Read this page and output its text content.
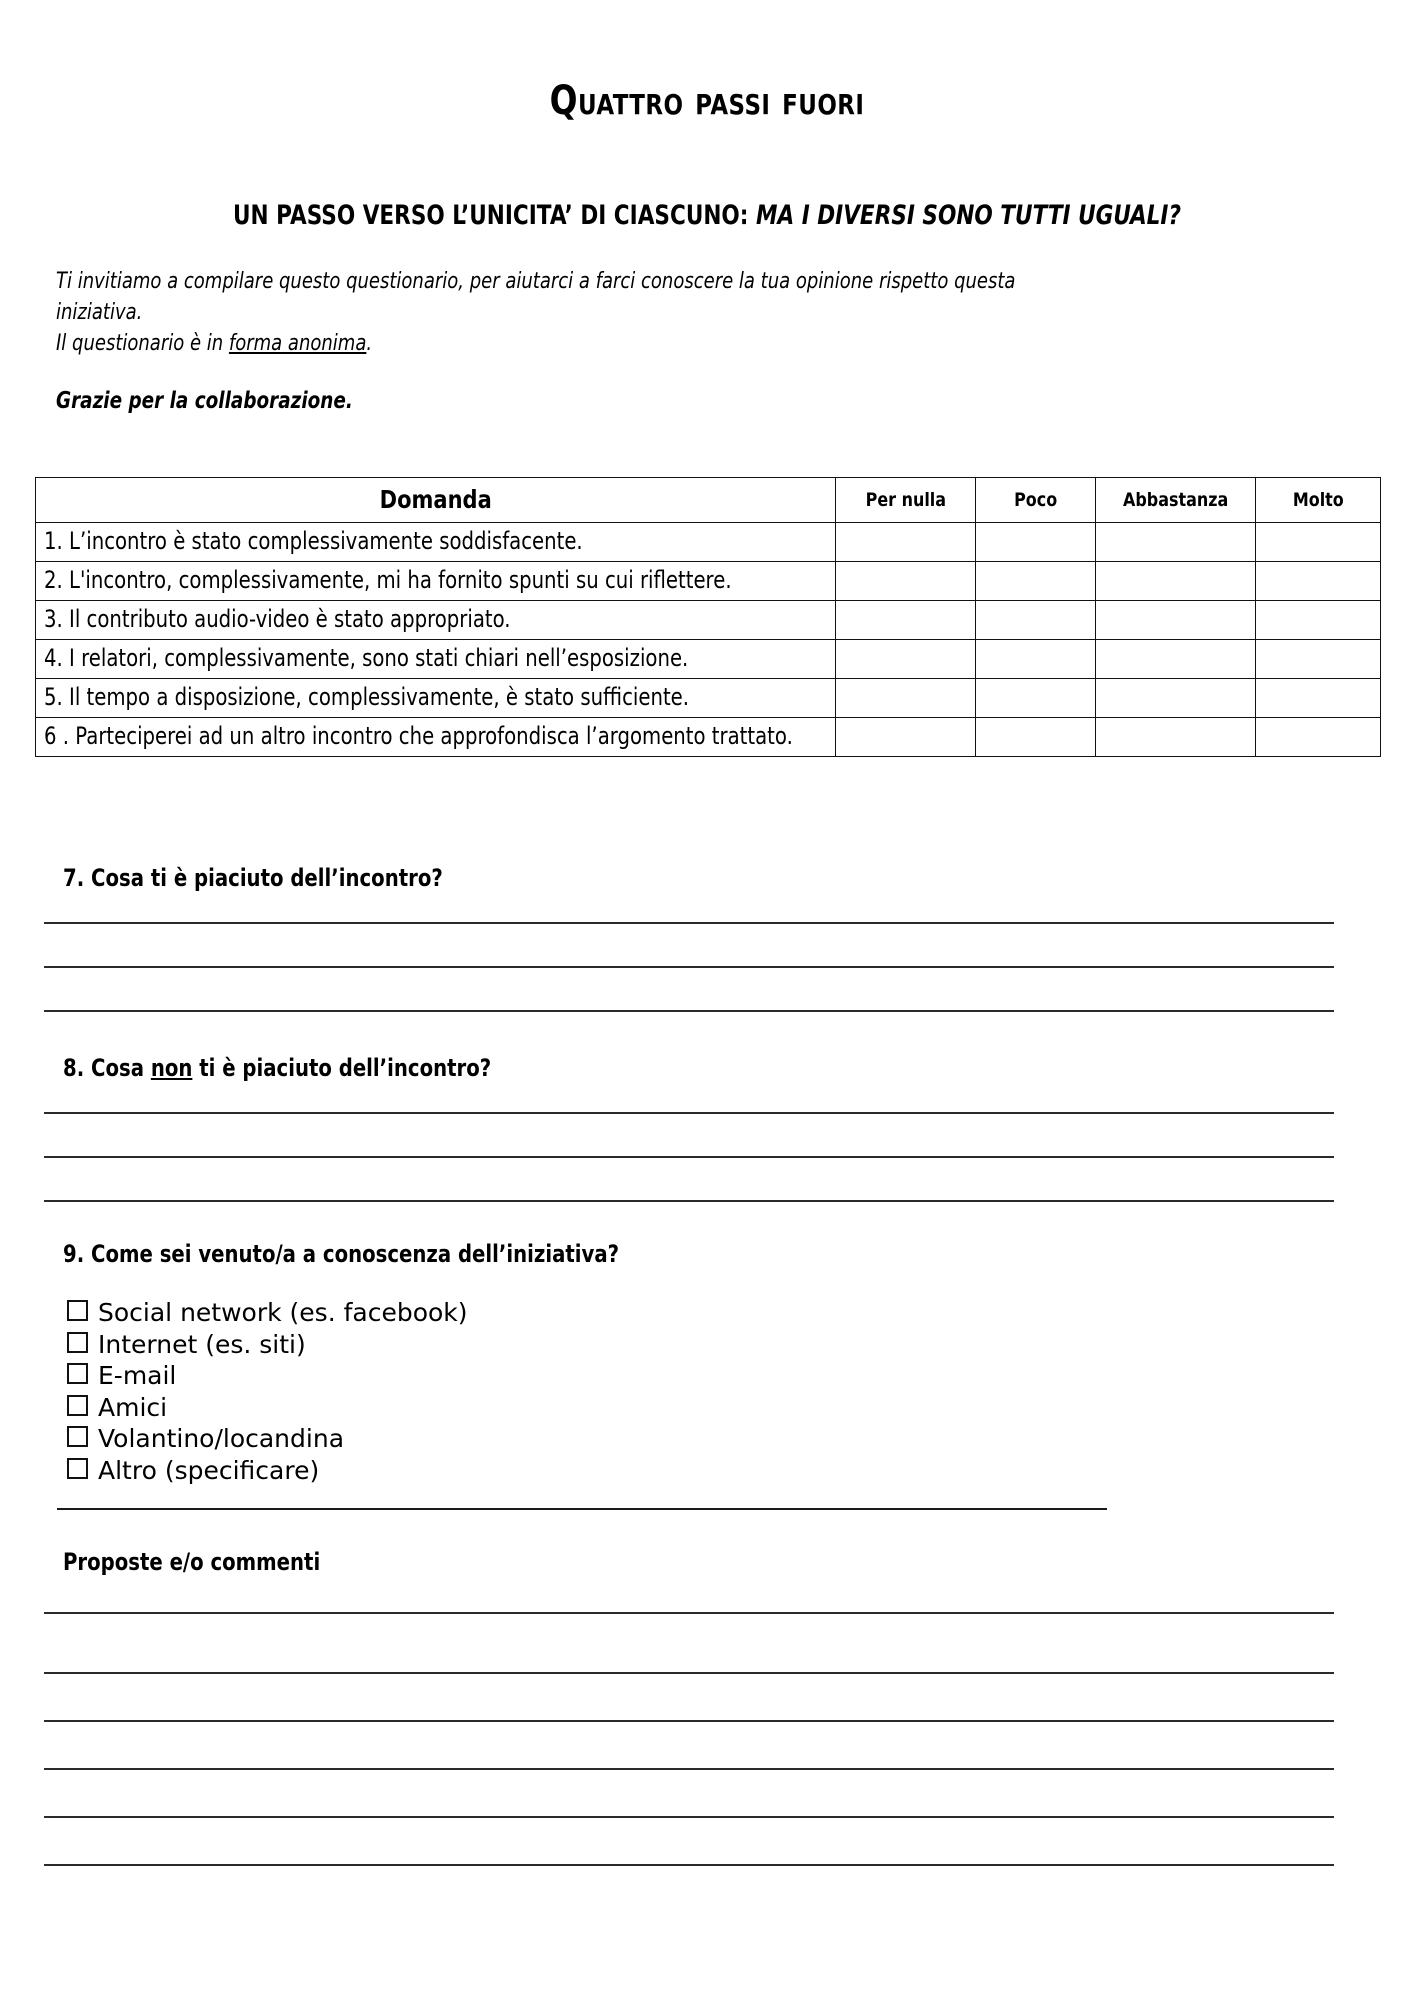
Quattro passi fuori
UN PASSO VERSO L’UNICITA’ DI CIASCUNO: MA I DIVERSI SONO TUTTI UGUALI?
Ti invitiamo a compilare questo questionario, per aiutarci a farci conoscere la tua opinione rispetto questa iniziativa.
Il questionario è in forma anonima.
Grazie per la collaborazione.
Domanda	Per nulla	Poco	Abbastanza	Molto

1. L’incontro è stato complessivamente soddisfacente.				

2. L'incontro, complessivamente, mi ha fornito spunti su cui riflettere.				

3. Il contributo audio-video è stato appropriato.				

4. I relatori, complessivamente, sono stati chiari nell’esposizione.				

5. Il tempo a disposizione, complessivamente, è stato sufficiente.				

6 . Parteciperei ad un altro incontro che approfondisca l’argomento trattato.				

7. Cosa ti è piaciuto dell’incontro?
8. Cosa non ti è piaciuto dell’incontro?
9. Come sei venuto/a a conoscenza dell’iniziativa?
Social network (es. facebook)
Internet (es. siti)
E-mail
Amici
Volantino/locandina
Altro (specificare)
Proposte e/o commenti
